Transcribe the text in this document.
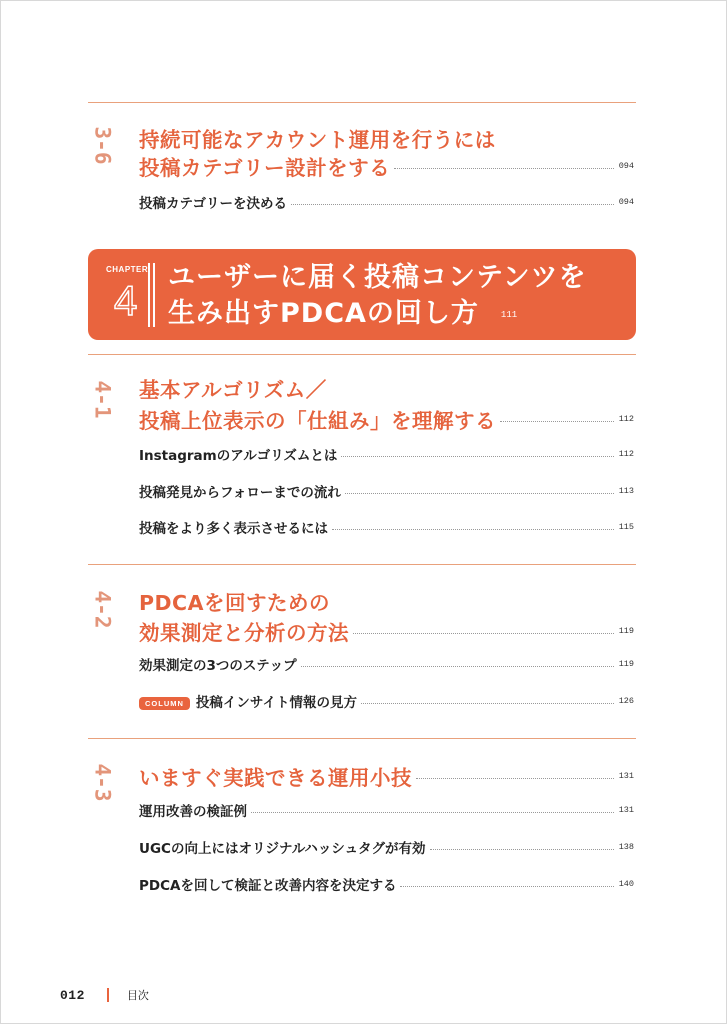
3-6 持続可能なアカウント運用を行うには
投稿カテゴリー設計をする	094
投稿カテゴリーを決める	094
CHAPTER
4 ユーザーに届く投稿コンテンツを
生み出すPDCAの回し方 111
4-1 基本アルゴリズム／
投稿上位表示の「仕組み」を理解する	112
Instagramのアルゴリズムとは	112
投稿発見からフォローまでの流れ	113
投稿をより多く表示させるには	115
4-2 PDCAを回すための
効果測定と分析の方法	119
効果測定の3つのステップ	119
COLUMN 投稿インサイト情報の見方	126
4-3 いますぐ実践できる運用小技	131
運用改善の検証例	131
UGCの向上にはオリジナルハッシュタグが有効	138
PDCAを回して検証と改善内容を決定する	140
012	目次
